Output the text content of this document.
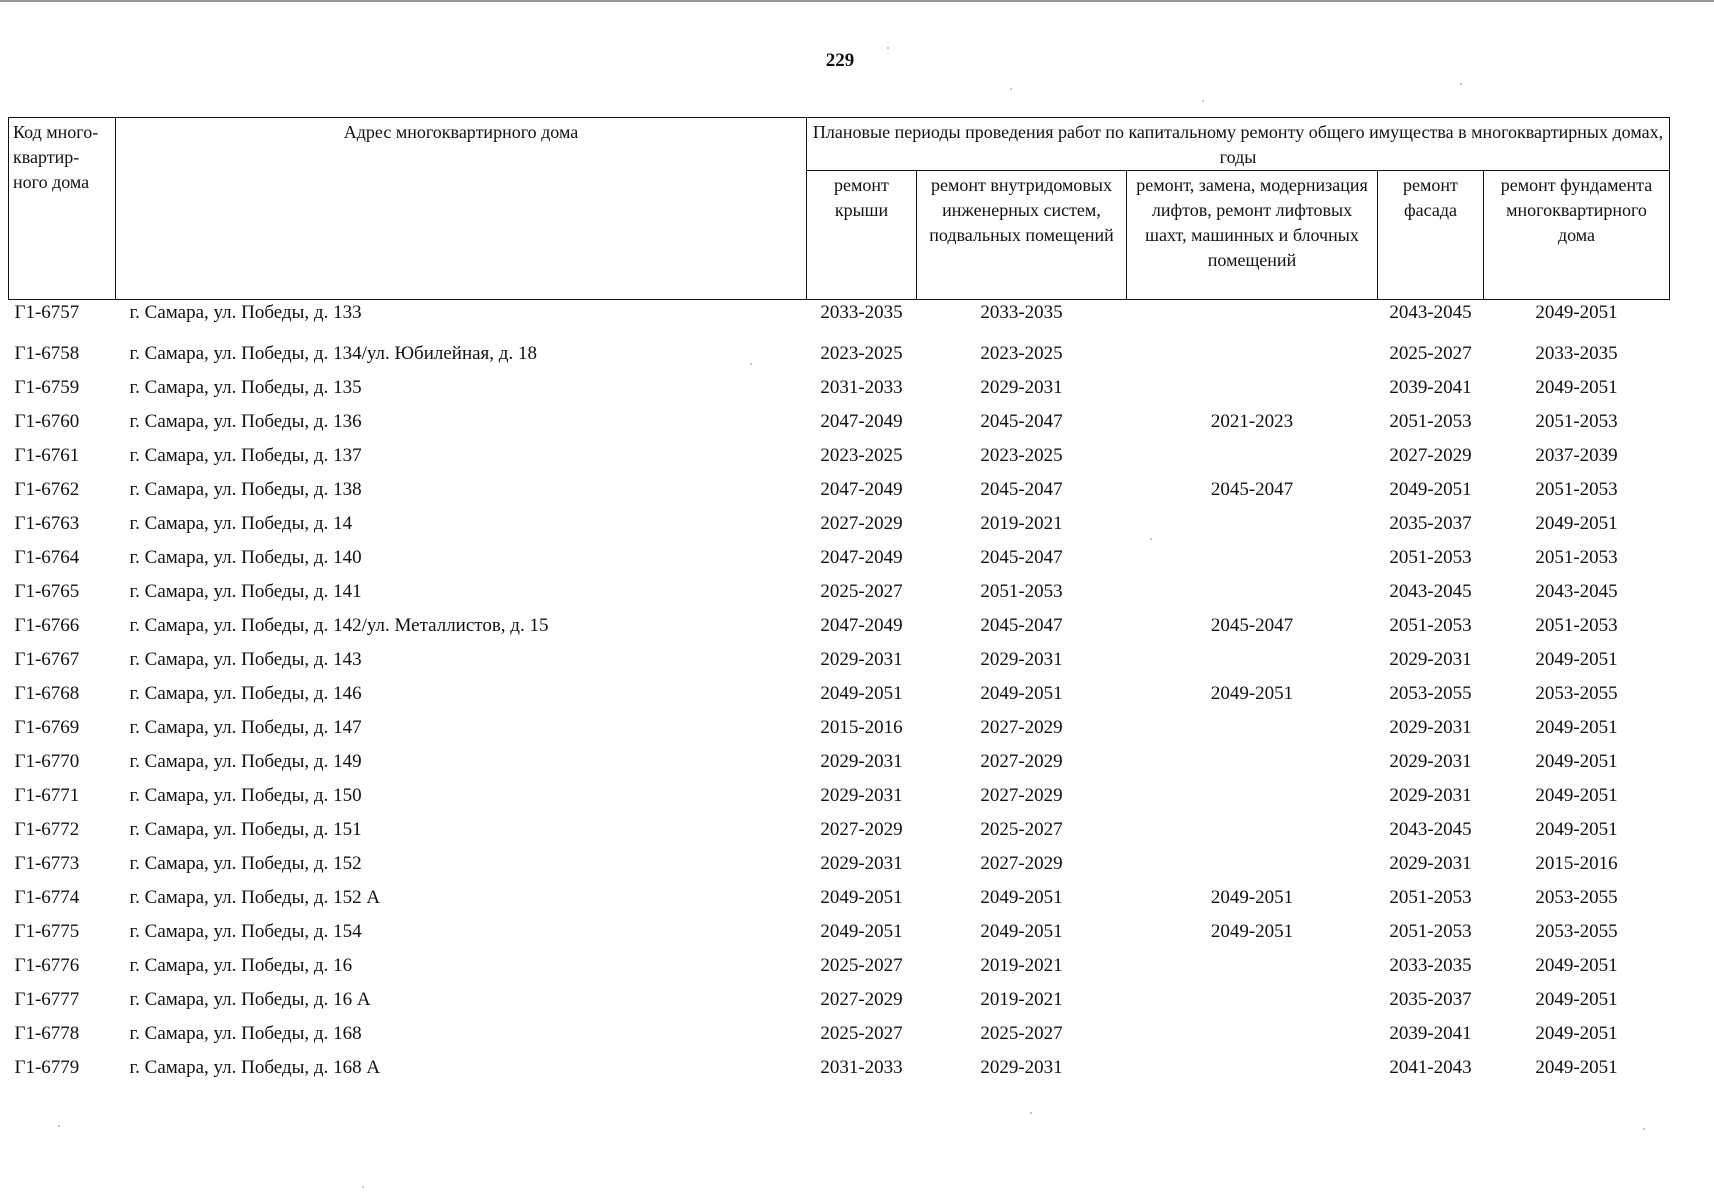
229
Код много-квартир-ного дома	Адрес многоквартирного дома	Плановые периоды проведения работ по капитальному ремонту общего имущества в многоквартирных домах, годы				
		ремонт крыши	ремонт внутридомовых инженерных систем, подвальных помещений	ремонт, замена, модернизация лифтов, ремонт лифтовых шахт, машинных и блочных помещений	ремонт фасада	ремонт фундамента многоквартирного дома
Г1-6757	г. Самара, ул. Победы, д. 133	2033-2035	2033-2035		2043-2045	2049-2051
Г1-6758	г. Самара, ул. Победы, д. 134/ул. Юбилейная, д. 18	2023-2025	2023-2025		2025-2027	2033-2035
Г1-6759	г. Самара, ул. Победы, д. 135	2031-2033	2029-2031		2039-2041	2049-2051
Г1-6760	г. Самара, ул. Победы, д. 136	2047-2049	2045-2047	2021-2023	2051-2053	2051-2053
Г1-6761	г. Самара, ул. Победы, д. 137	2023-2025	2023-2025		2027-2029	2037-2039
Г1-6762	г. Самара, ул. Победы, д. 138	2047-2049	2045-2047	2045-2047	2049-2051	2051-2053
Г1-6763	г. Самара, ул. Победы, д. 14	2027-2029	2019-2021		2035-2037	2049-2051
Г1-6764	г. Самара, ул. Победы, д. 140	2047-2049	2045-2047		2051-2053	2051-2053
Г1-6765	г. Самара, ул. Победы, д. 141	2025-2027	2051-2053		2043-2045	2043-2045
Г1-6766	г. Самара, ул. Победы, д. 142/ул. Металлистов, д. 15	2047-2049	2045-2047	2045-2047	2051-2053	2051-2053
Г1-6767	г. Самара, ул. Победы, д. 143	2029-2031	2029-2031		2029-2031	2049-2051
Г1-6768	г. Самара, ул. Победы, д. 146	2049-2051	2049-2051	2049-2051	2053-2055	2053-2055
Г1-6769	г. Самара, ул. Победы, д. 147	2015-2016	2027-2029		2029-2031	2049-2051
Г1-6770	г. Самара, ул. Победы, д. 149	2029-2031	2027-2029		2029-2031	2049-2051
Г1-6771	г. Самара, ул. Победы, д. 150	2029-2031	2027-2029		2029-2031	2049-2051
Г1-6772	г. Самара, ул. Победы, д. 151	2027-2029	2025-2027		2043-2045	2049-2051
Г1-6773	г. Самара, ул. Победы, д. 152	2029-2031	2027-2029		2029-2031	2015-2016
Г1-6774	г. Самара, ул. Победы, д. 152 А	2049-2051	2049-2051	2049-2051	2051-2053	2053-2055
Г1-6775	г. Самара, ул. Победы, д. 154	2049-2051	2049-2051	2049-2051	2051-2053	2053-2055
Г1-6776	г. Самара, ул. Победы, д. 16	2025-2027	2019-2021		2033-2035	2049-2051
Г1-6777	г. Самара, ул. Победы, д. 16 А	2027-2029	2019-2021		2035-2037	2049-2051
Г1-6778	г. Самара, ул. Победы, д. 168	2025-2027	2025-2027		2039-2041	2049-2051
Г1-6779	г. Самара, ул. Победы, д. 168 А	2031-2033	2029-2031		2041-2043	2049-2051
